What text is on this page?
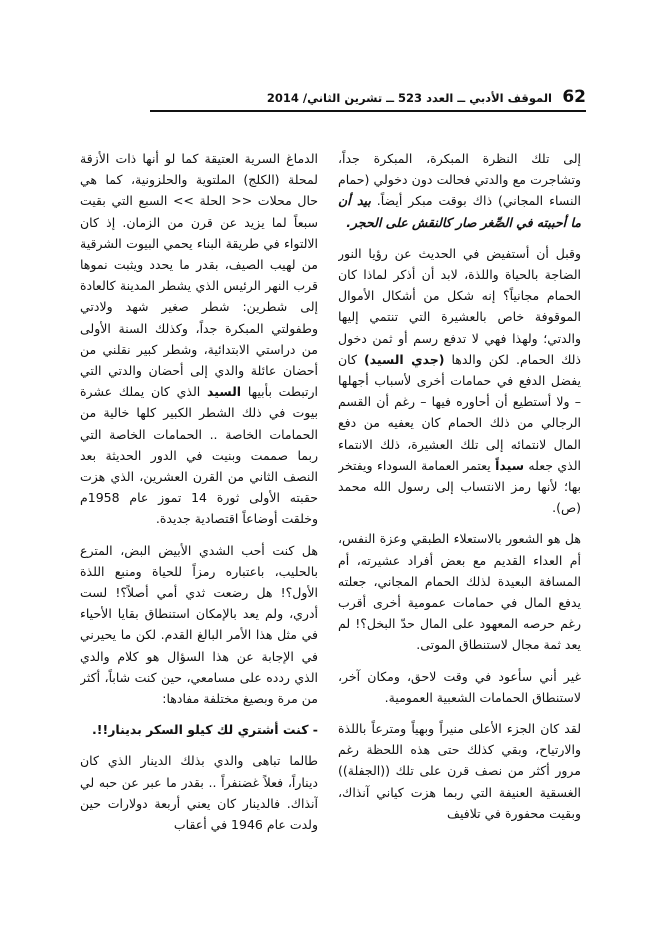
62
الموقف الأدبي ــ العدد 523 ــ تشرين الثاني/ 2014

إلى تلك النظرة المبكرة، المبكرة جداً، وتشاجرت مع والدتي فحالت دون دخولي (حمام النساء المجاني) ذاك بوقت مبكر أيضاً. بيد أن ما أحببته في الصِّغر صار كالنقش على الحجر.

وقبل أن أستفيض في الحديث عن رؤيا النور الضاجة بالحياة واللذة، لابد أن أذكر لماذا كان الحمام مجانياً؟ إنه شكل من أشكال الأموال الموقوفة خاص بالعشيرة التي تنتمي إليها والدتي؛ ولهذا فهي لا تدفع رسم أو ثمن دخول ذلك الحمام. لكن والدها (جدي السيد) كان يفضل الدفع في حمامات أخرى لأسباب أجهلها – ولا أستطيع أن أحاوره فيها – رغم أن القسم الرجالي من ذلك الحمام كان يعفيه من دفع المال لانتمائه إلى تلك العشيرة، ذلك الانتماء الذي جعله سيداً يعتمر العمامة السوداء ويفتخر بها؛ لأنها رمز الانتساب إلى رسول الله محمد (ص).

هل هو الشعور بالاستعلاء الطبقي وعزة النفس، أم العداء القديم مع بعض أفراد عشيرته، أم المسافة البعيدة لذلك الحمام المجاني، جعلته يدفع المال في حمامات عمومية أخرى أقرب رغم حرصه المعهود على المال حدّ البخل؟! لم يعد ثمة مجال لاستنطاق الموتى.

غير أني سأعود في وقت لاحق، ومكان آخر، لاستنطاق الحمامات الشعبية العمومية.

لقد كان الجزء الأعلى منيراً وبهياً ومترعاً باللذة والارتياح، وبقي كذلك حتى هذه اللحظة رغم مرور أكثر من نصف قرن على تلك ((الجفلة)) الغسقية العنيفة التي ربما هزت كياني آنذاك، وبقيت محفورة في تلافيف

الدماغ السرية العتيقة كما لو أنها ذات الأزقة لمحلة (الكلج) الملتوية والحلزونية، كما هي حال محلات << الحلة >> السبع التي بقيت سبعاً لما يزيد عن قرن من الزمان. إذ كان الالتواء في طريقة البناء يحمي البيوت الشرقية من لهيب الصيف، بقدر ما يحدد ويثبت نموها قرب النهر الرئيس الذي يشطر المدينة كالعادة إلى شطرين: شطر صغير شهد ولادتي وطفولتي المبكرة جداً، وكذلك السنة الأولى من دراستي الابتدائية، وشطر كبير نقلني من أحضان عائلة والدي إلى أحضان والدتي التي ارتبطت بأبيها السيد الذي كان يملك عشرة بيوت في ذلك الشطر الكبير كلها خالية من الحمامات الخاصة .. الحمامات الخاصة التي ربما صممت وبنيت في الدور الحديثة بعد النصف الثاني من القرن العشرين، الذي هزت حقبته الأولى ثورة 14 تموز عام 1958م وخلقت أوضاعاً اقتصادية جديدة.

هل كنت أحب الشدي الأبيض البض، المترع بالحليب، باعتباره رمزاً للحياة ومنبع اللذة الأول؟! هل رضعت ثدي أمي أصلاً؟! لست أدري، ولم يعد بالإمكان استنطاق بقايا الأحياء في مثل هذا الأمر البالغ القدم. لكن ما يحيرني في الإجابة عن هذا السؤال هو كلام والدي الذي ردده على مسامعي، حين كنت شاباً، أكثر من مرة وبصيغ مختلفة مفادها:

- كنت أشتري لك كيلو السكر بدينار!!.

طالما تباهى والدي بذلك الدينار الذي كان ديناراً، فعلاً غضنفراً .. بقدر ما عبر عن حبه لي آنذاك. فالدينار كان يعني أربعة دولارات حين ولدت عام 1946 في أعقاب
